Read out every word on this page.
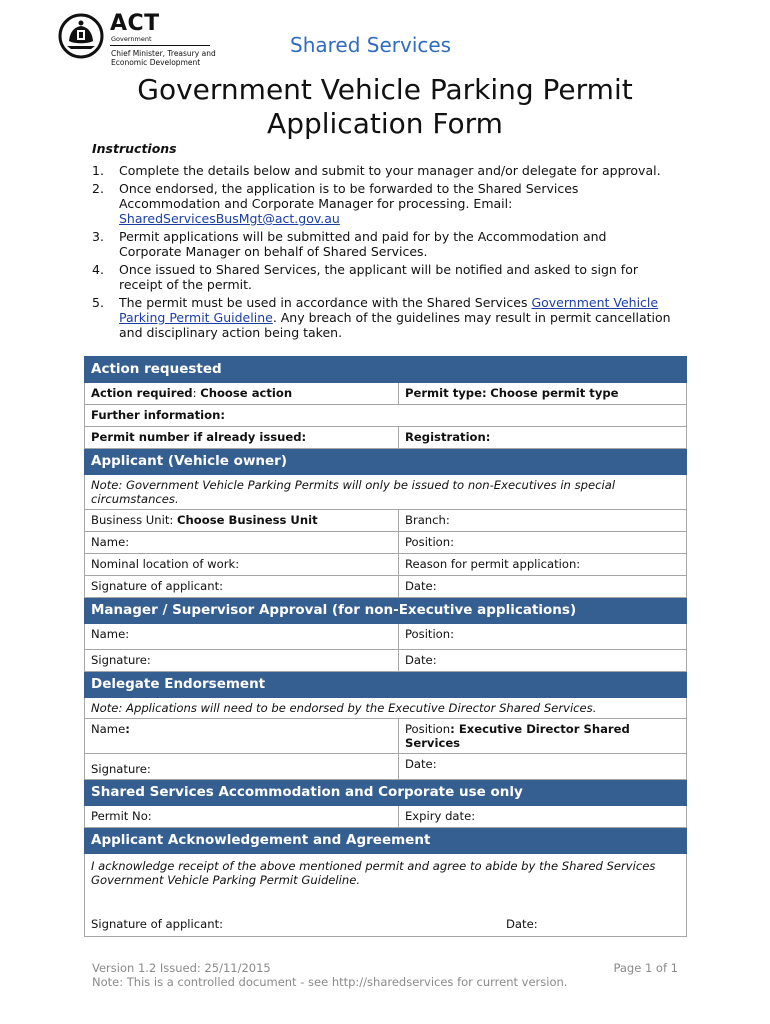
ACT
Government
Chief Minister, Treasury and Economic Development
Shared Services
Government Vehicle Parking Permit Application Form
Instructions
1. Complete the details below and submit to your manager and/or delegate for approval.
2. Once endorsed, the application is to be forwarded to the Shared Services Accommodation and Corporate Manager for processing. Email: SharedServicesBusMgt@act.gov.au
3. Permit applications will be submitted and paid for by the Accommodation and Corporate Manager on behalf of Shared Services.
4. Once issued to Shared Services, the applicant will be notified and asked to sign for receipt of the permit.
5. The permit must be used in accordance with the Shared Services Government Vehicle Parking Permit Guideline. Any breach of the guidelines may result in permit cancellation and disciplinary action being taken.
Action requested	
Action required: Choose action	Permit type: Choose permit type
Further information:	
Permit number if already issued:	Registration:
Applicant (Vehicle owner)	
Note: Government Vehicle Parking Permits will only be issued to non-Executives in special circumstances.	
Business Unit: Choose Business Unit	Branch:
Name:	Position:
Nominal location of work:	Reason for permit application:
Signature of applicant:	Date:
Manager / Supervisor Approval (for non-Executive applications)	
Name:	Position:
Signature:	Date:
Delegate Endorsement	
Note: Applications will need to be endorsed by the Executive Director Shared Services.	
Name:	Position: Executive Director Shared Services
Signature:	Date:
Shared Services Accommodation and Corporate use only	
Permit No:	Expiry date:
Applicant Acknowledgement and Agreement	

I acknowledge receipt of the above mentioned permit and agree to abide by the Shared Services Government Vehicle Parking Permit Guideline.
Signature of applicant: Date:	
Version 1.2 Issued: 25/11/2015	Page 1 of 1
Note: This is a controlled document - see http://sharedservices for current version.
